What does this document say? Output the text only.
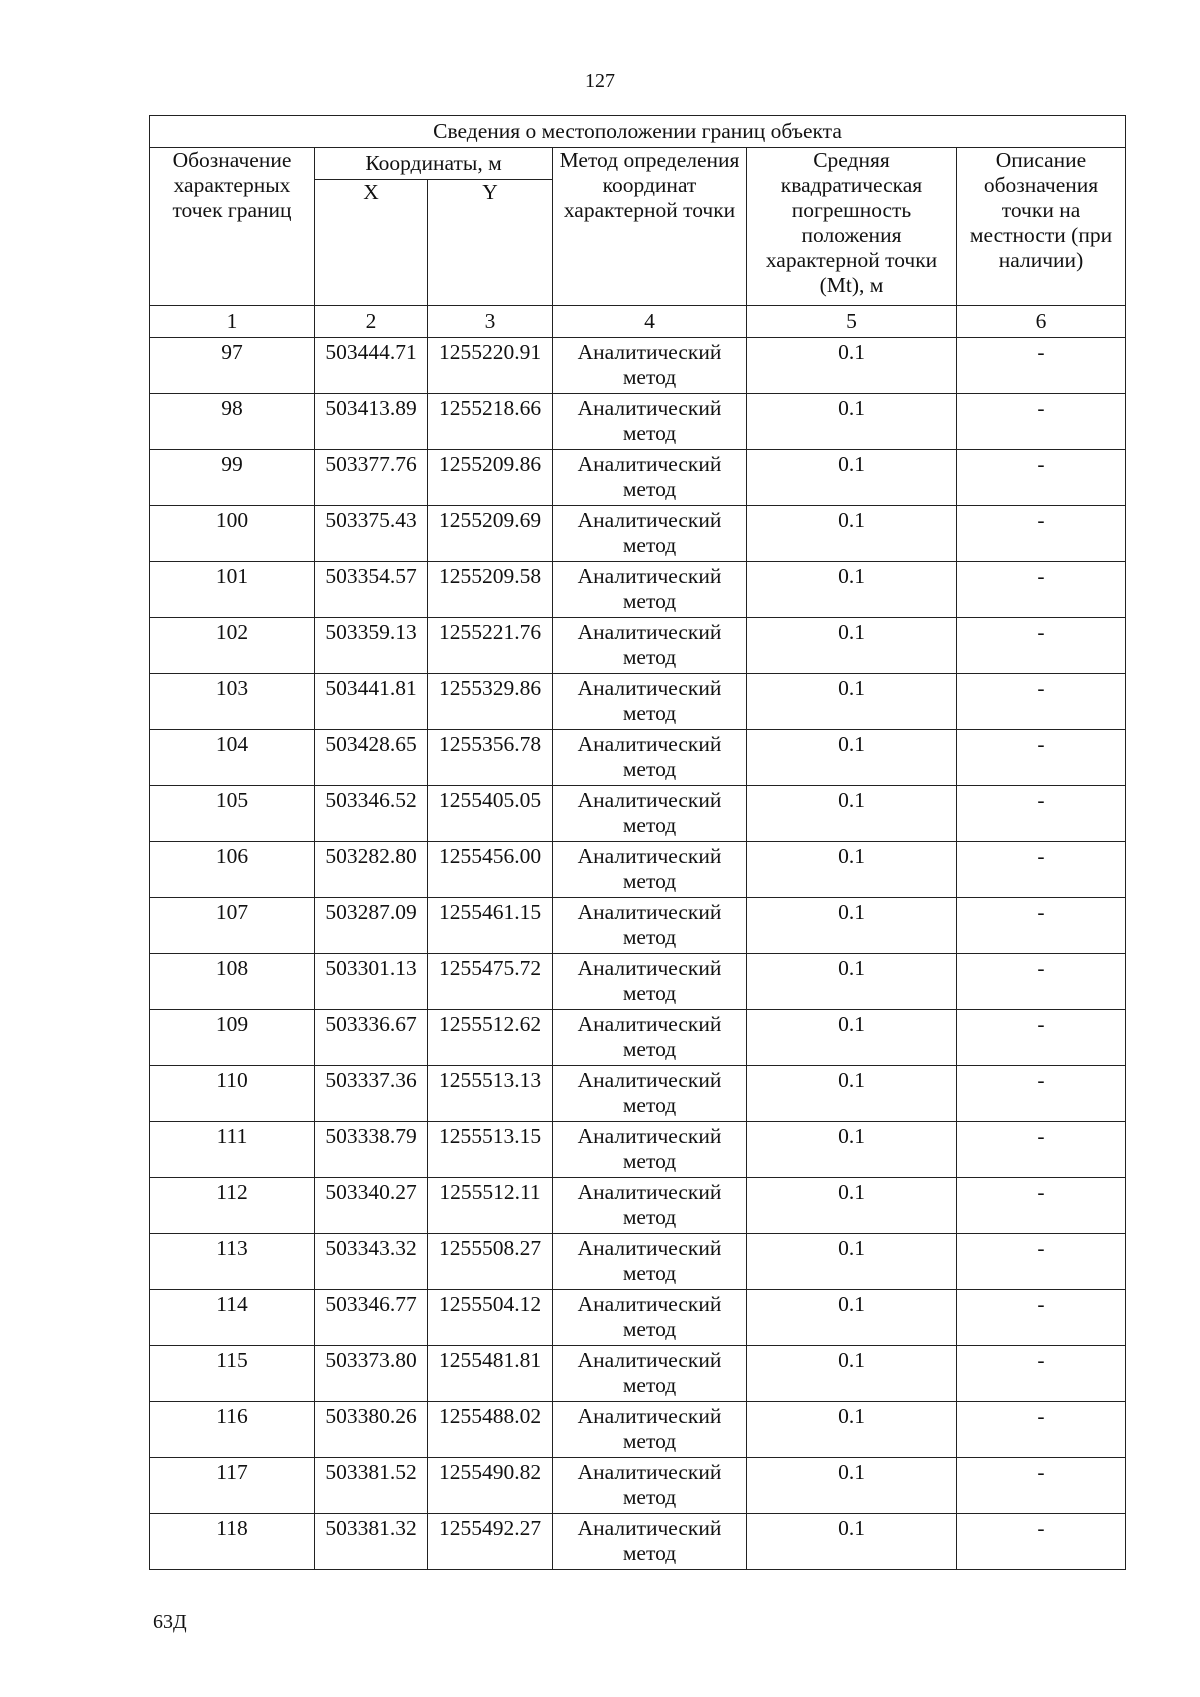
127
Сведения о местоположении границ объекта					
Обозначение характерных точек границ	Координаты, м		Метод определения координат характерной точки	Средняя квадратическая погрешность положения характерной точки (Mt), м	Описание обозначения точки на местности (при наличии)
	X	Y			
1	2	3	4	5	6

97	503444.71	1255220.91	Аналитический
метод	0.1	-

98	503413.89	1255218.66	Аналитический
метод	0.1	-

99	503377.76	1255209.86	Аналитический
метод	0.1	-

100	503375.43	1255209.69	Аналитический
метод	0.1	-

101	503354.57	1255209.58	Аналитический
метод	0.1	-

102	503359.13	1255221.76	Аналитический
метод	0.1	-

103	503441.81	1255329.86	Аналитический
метод	0.1	-

104	503428.65	1255356.78	Аналитический
метод	0.1	-

105	503346.52	1255405.05	Аналитический
метод	0.1	-

106	503282.80	1255456.00	Аналитический
метод	0.1	-

107	503287.09	1255461.15	Аналитический
метод	0.1	-

108	503301.13	1255475.72	Аналитический
метод	0.1	-

109	503336.67	1255512.62	Аналитический
метод	0.1	-

110	503337.36	1255513.13	Аналитический
метод	0.1	-

111	503338.79	1255513.15	Аналитический
метод	0.1	-

112	503340.27	1255512.11	Аналитический
метод	0.1	-

113	503343.32	1255508.27	Аналитический
метод	0.1	-

114	503346.77	1255504.12	Аналитический
метод	0.1	-

115	503373.80	1255481.81	Аналитический
метод	0.1	-

116	503380.26	1255488.02	Аналитический
метод	0.1	-

117	503381.52	1255490.82	Аналитический
метод	0.1	-

118	503381.32	1255492.27	Аналитический
метод	0.1	-
63Д
